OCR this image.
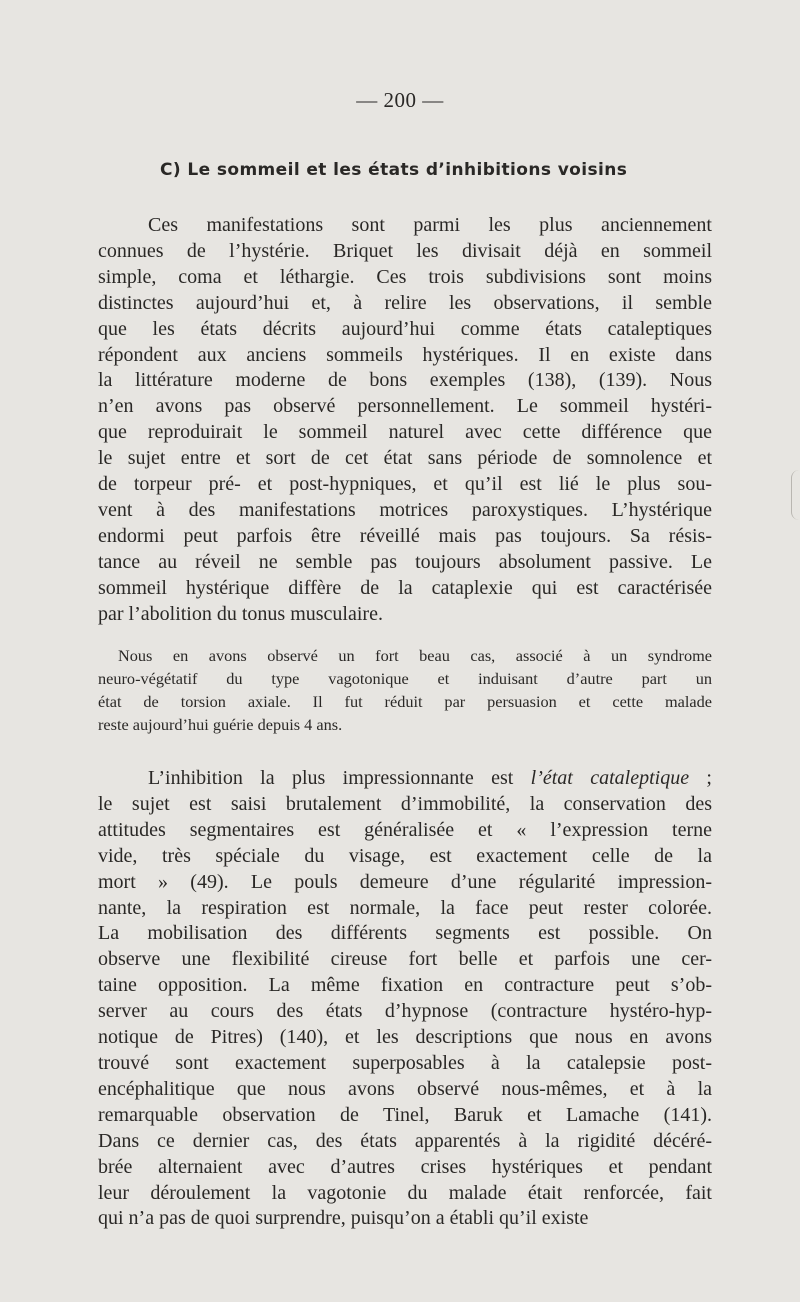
— 200 —
C) Le sommeil et les états d’inhibitions voisins
Ces manifestations sont parmi les plus anciennement
connues de l’hystérie. Briquet les divisait déjà en sommeil
simple, coma et léthargie. Ces trois subdivisions sont moins
distinctes aujourd’hui et, à relire les observations, il semble
que les états décrits aujourd’hui comme états cataleptiques
répondent aux anciens sommeils hystériques. Il en existe dans
la littérature moderne de bons exemples (138), (139). Nous
n’en avons pas observé personnellement. Le sommeil hystéri-
que reproduirait le sommeil naturel avec cette différence que
le sujet entre et sort de cet état sans période de somnolence et
de torpeur pré- et post-hypniques, et qu’il est lié le plus sou-
vent à des manifestations motrices paroxystiques. L’hystérique
endormi peut parfois être réveillé mais pas toujours. Sa résis-
tance au réveil ne semble pas toujours absolument passive. Le
sommeil hystérique diffère de la cataplexie qui est caractérisée
par l’abolition du tonus musculaire.
Nous en avons observé un fort beau cas, associé à un syndrome
neuro-végétatif du type vagotonique et induisant d’autre part un
état de torsion axiale. Il fut réduit par persuasion et cette malade
reste aujourd’hui guérie depuis 4 ans.
L’inhibition la plus impressionnante est l’état cataleptique ;
le sujet est saisi brutalement d’immobilité, la conservation des
attitudes segmentaires est généralisée et « l’expression terne
vide, très spéciale du visage, est exactement celle de la
mort » (49). Le pouls demeure d’une régularité impression-
nante, la respiration est normale, la face peut rester colorée.
La mobilisation des différents segments est possible. On
observe une flexibilité cireuse fort belle et parfois une cer-
taine opposition. La même fixation en contracture peut s’ob-
server au cours des états d’hypnose (contracture hystéro-hyp-
notique de Pitres) (140), et les descriptions que nous en avons
trouvé sont exactement superposables à la catalepsie post-
encéphalitique que nous avons observé nous-mêmes, et à la
remarquable observation de Tinel, Baruk et Lamache (141).
Dans ce dernier cas, des états apparentés à la rigidité décéré-
brée alternaient avec d’autres crises hystériques et pendant
leur déroulement la vagotonie du malade était renforcée, fait
qui n’a pas de quoi surprendre, puisqu’on a établi qu’il existe
